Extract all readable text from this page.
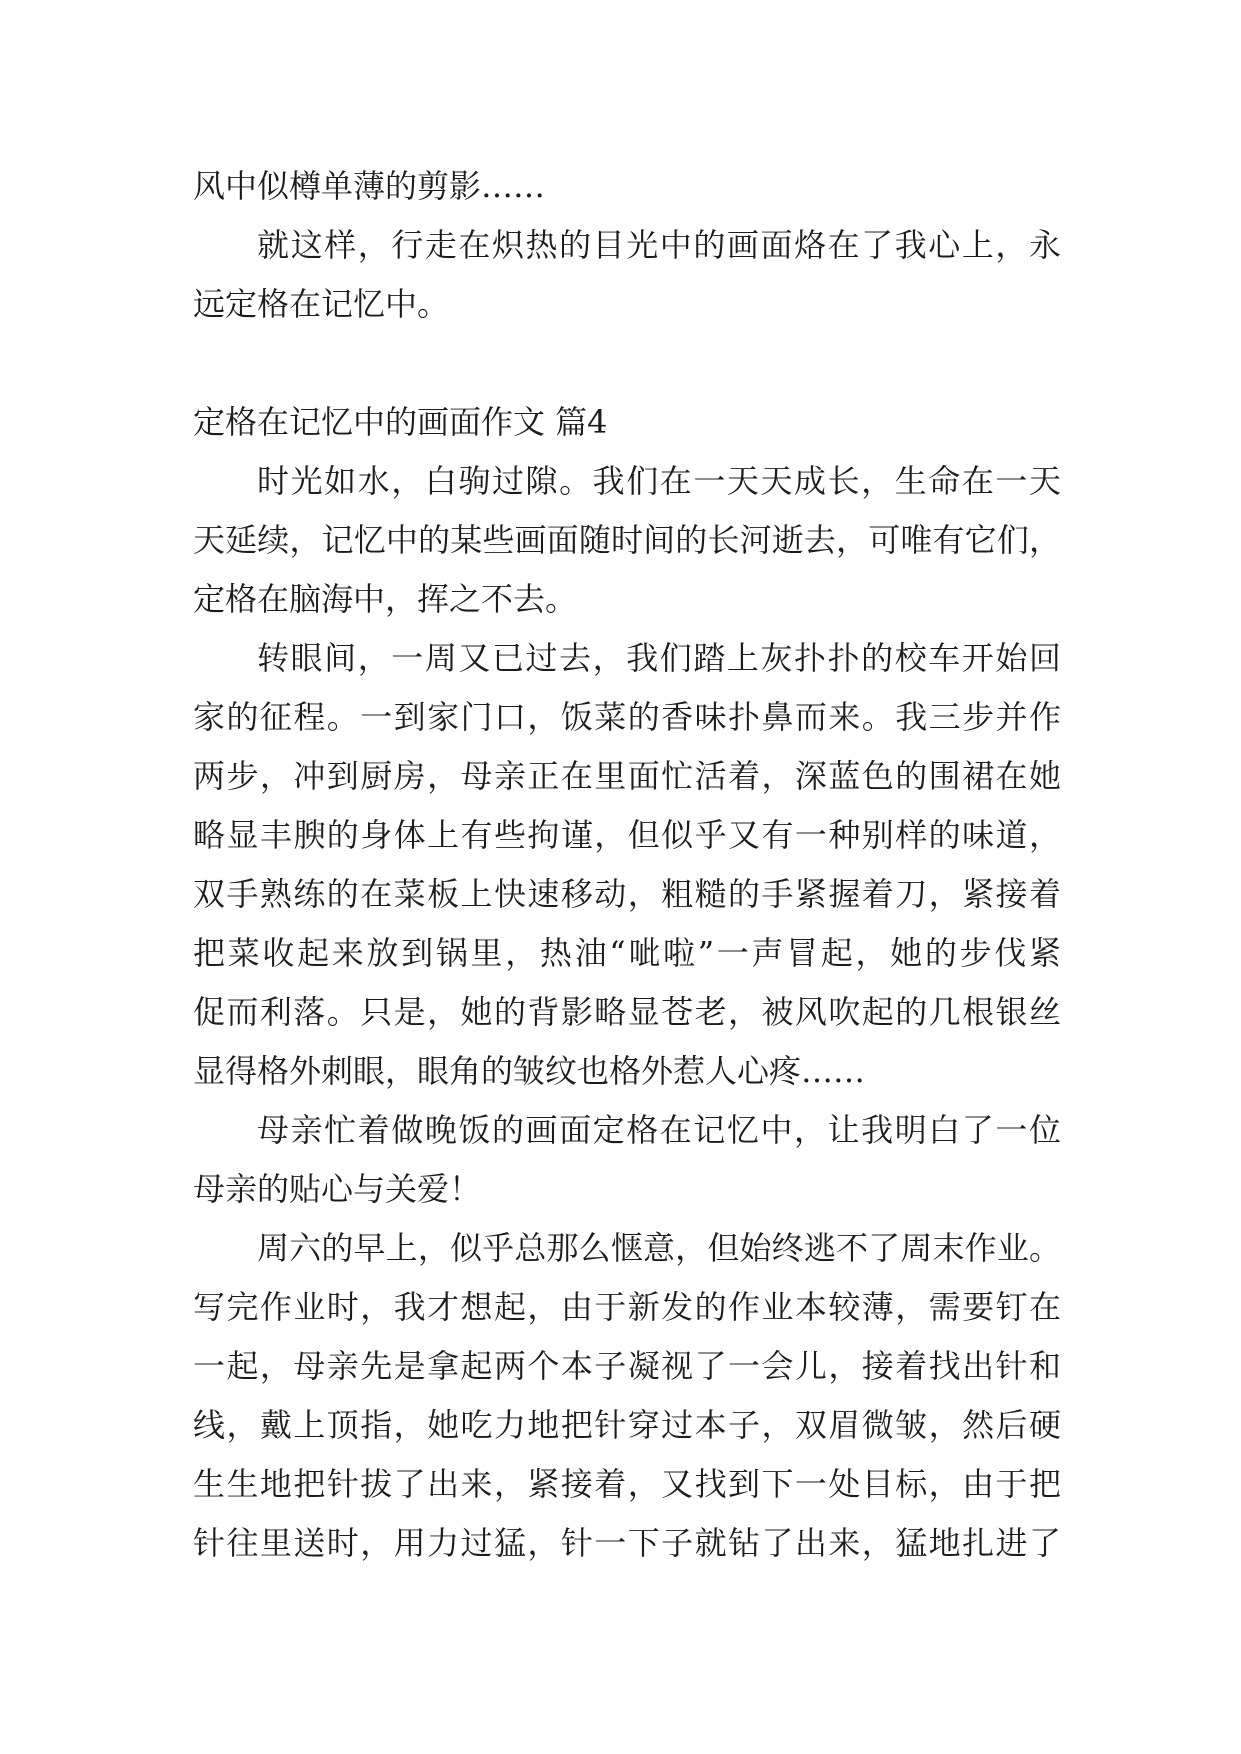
风中似樽单薄的剪影……
就这样，行走在炽热的目光中的画面烙在了我心上，永
远定格在记忆中。
定格在记忆中的画面作文 篇4
时光如水，白驹过隙。我们在一天天成长，生命在一天
天延续，记忆中的某些画面随时间的长河逝去，可唯有它们，
定格在脑海中，挥之不去。
转眼间，一周又已过去，我们踏上灰扑扑的校车开始回
家的征程。一到家门口，饭菜的香味扑鼻而来。我三步并作
两步，冲到厨房，母亲正在里面忙活着，深蓝色的围裙在她
略显丰腴的身体上有些拘谨，但似乎又有一种别样的味道，
双手熟练的在菜板上快速移动，粗糙的手紧握着刀，紧接着
把菜收起来放到锅里，热油“呲啦”一声冒起，她的步伐紧
促而利落。只是，她的背影略显苍老，被风吹起的几根银丝
显得格外刺眼，眼角的皱纹也格外惹人心疼……
母亲忙着做晚饭的画面定格在记忆中，让我明白了一位
母亲的贴心与关爱！
周六的早上，似乎总那么惬意，但始终逃不了周末作业。
写完作业时，我才想起，由于新发的作业本较薄，需要钉在
一起，母亲先是拿起两个本子凝视了一会儿，接着找出针和
线，戴上顶指，她吃力地把针穿过本子，双眉微皱，然后硬
生生地把针拔了出来，紧接着，又找到下一处目标，由于把
针往里送时，用力过猛，针一下子就钻了出来，猛地扎进了
